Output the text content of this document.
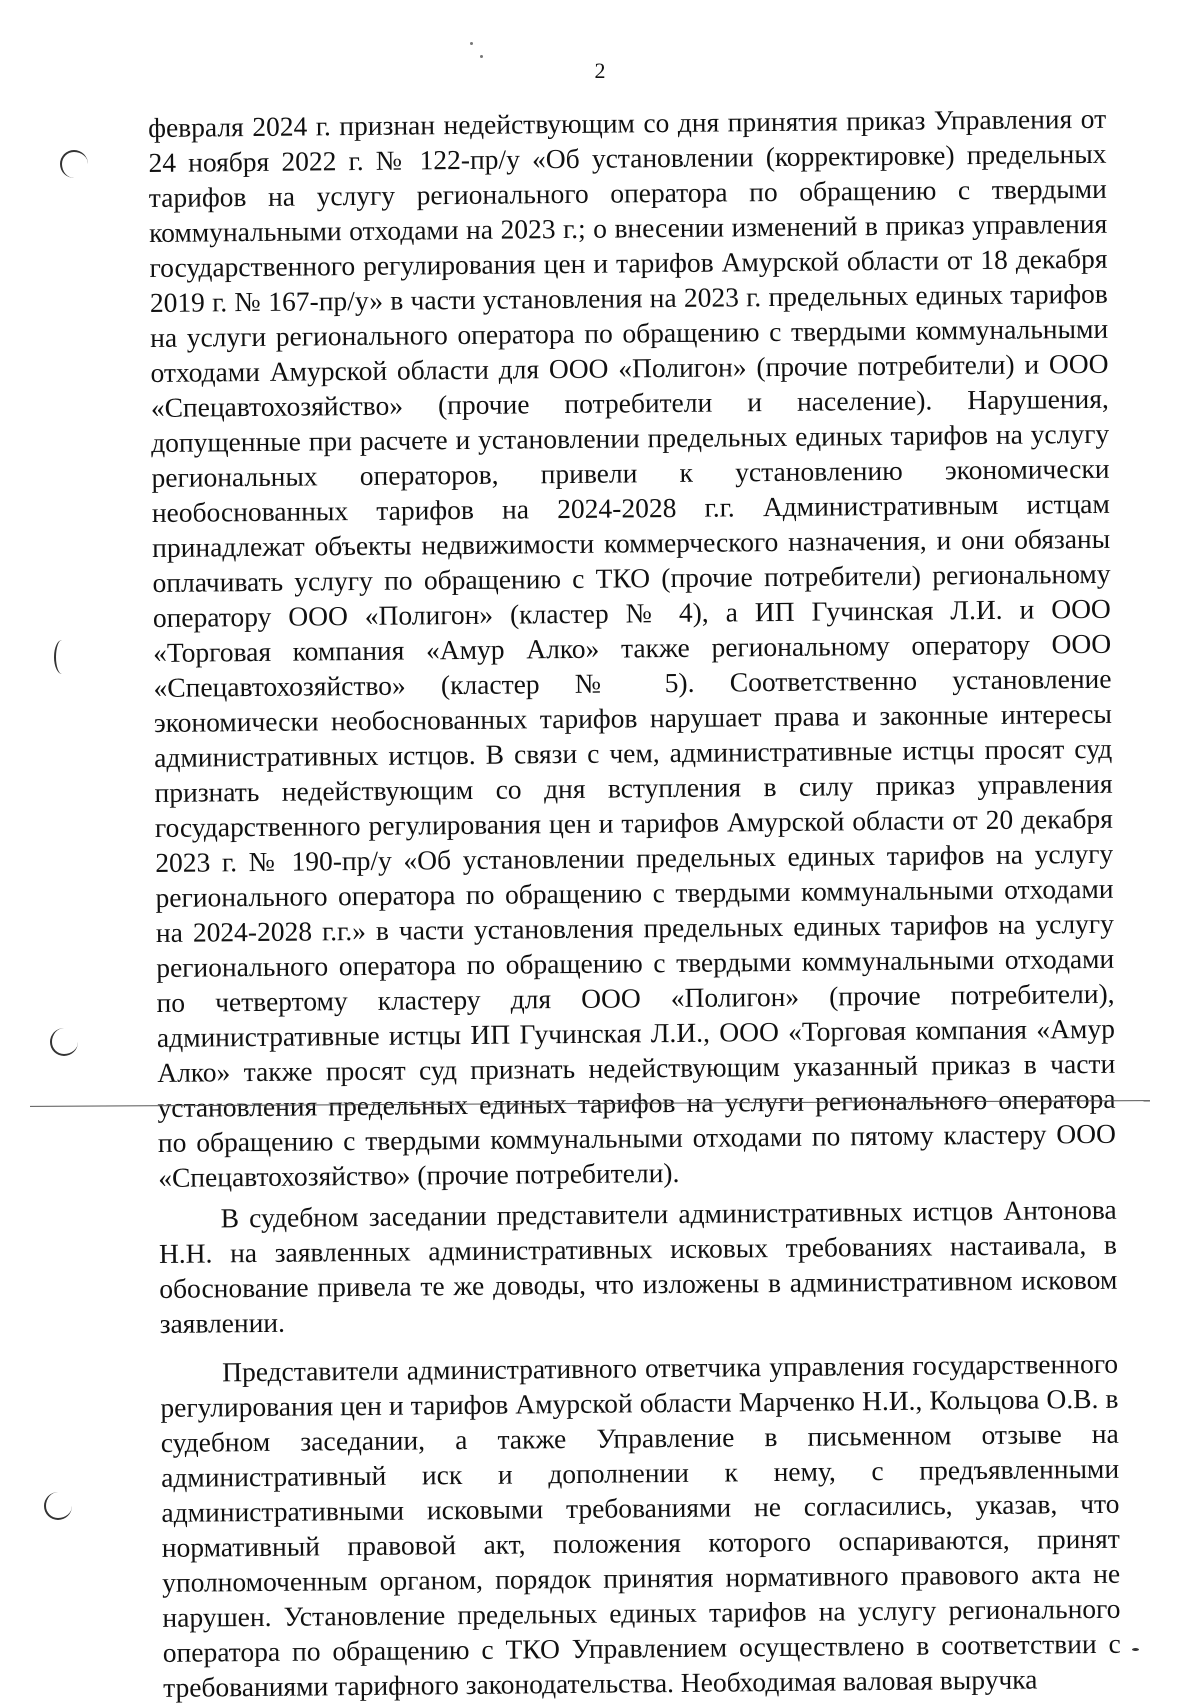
2

февраля 2024 г. признан недействующим со дня принятия приказ Управления от 24 ноября 2022 г. № 122-пр/у «Об установлении (корректировке) предельных тарифов на услугу регионального оператора по обращению с твердыми коммунальными отходами на 2023 г.; о внесении изменений в приказ управления государственного регулирования цен и тарифов Амурской области от 18 декабря 2019 г. № 167-пр/у» в части установления на 2023 г. предельных единых тарифов на услуги регионального оператора по обращению с твердыми коммунальными отходами Амурской области для ООО «Полигон» (прочие потребители) и ООО «Спецавтохозяйство» (прочие потребители и население). Нарушения, допущенные при расчете и установлении предельных единых тарифов на услугу региональных операторов, привели к установлению экономически необоснованных тарифов на 2024-2028 г.г. Административным истцам принадлежат объекты недвижимости коммерческого назначения, и они обязаны оплачивать услугу по обращению с ТКО (прочие потребители) региональному оператору ООО «Полигон» (кластер № 4), а ИП Гучинская Л.И. и ООО «Торговая компания «Амур Алко» также региональному оператору ООО «Спецавтохозяйство» (кластер № 5). Соответственно установление экономически необоснованных тарифов нарушает права и законные интересы административных истцов. В связи с чем, административные истцы просят суд признать недействующим со дня вступления в силу приказ управления государственного регулирования цен и тарифов Амурской области от 20 декабря 2023 г. № 190-пр/у «Об установлении предельных единых тарифов на услугу регионального оператора по обращению с твердыми коммунальными отходами на 2024-2028 г.г.» в части установления предельных единых тарифов на услугу регионального оператора по обращению с твердыми коммунальными отходами по четвертому кластеру для ООО «Полигон» (прочие потребители), административные истцы ИП Гучинская Л.И., ООО «Торговая компания «Амур Алко» также просят суд признать недействующим указанный приказ в части установления предельных единых тарифов на услуги регионального оператора по обращению с твердыми коммунальными отходами по пятому кластеру ООО «Спецавтохозяйство» (прочие потребители).

В судебном заседании представители административных истцов Антонова Н.Н. на заявленных административных исковых требованиях настаивала, в обоснование привела те же доводы, что изложены в административном исковом заявлении.

Представители административного ответчика управления государственного регулирования цен и тарифов Амурской области Марченко Н.И., Кольцова О.В. в судебном заседании, а также Управление в письменном отзыве на административный иск и дополнении к нему, с предъявленными административными исковыми требованиями не согласились, указав, что нормативный правовой акт, положения которого оспариваются, принят уполномоченным органом, порядок принятия нормативного правового акта не нарушен. Установление предельных единых тарифов на услугу регионального оператора по обращению с ТКО Управлением осуществлено в соответствии с требованиями тарифного законодательства. Необходимая валовая выручка
